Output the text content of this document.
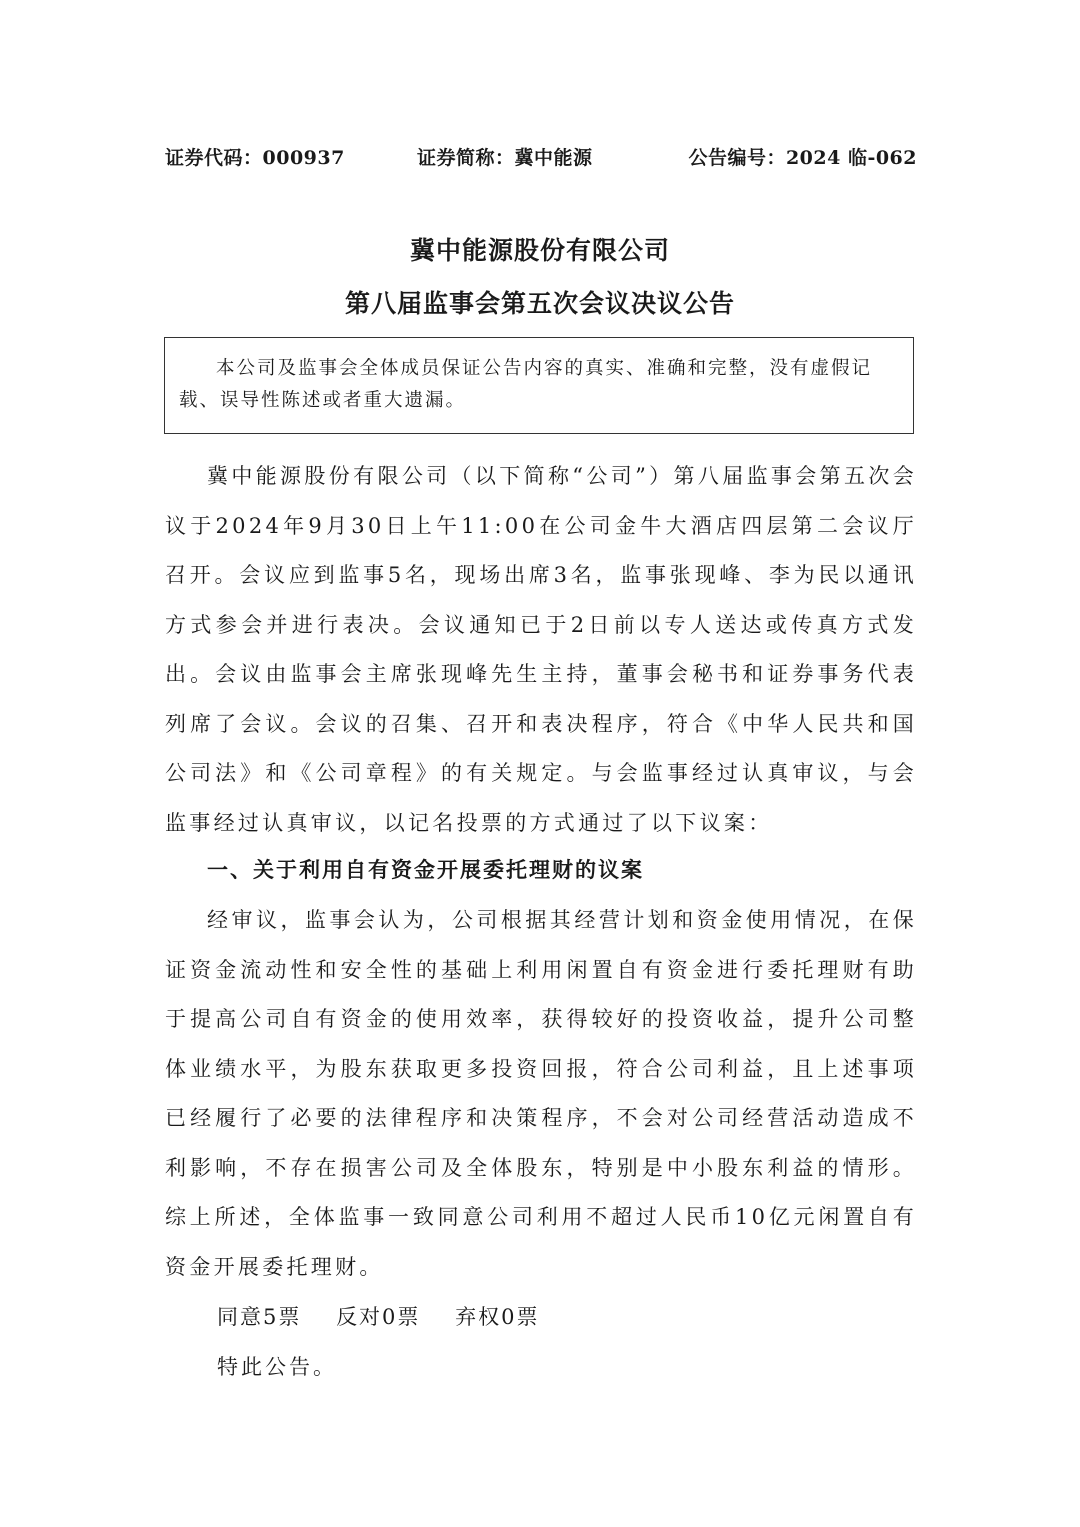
证券代码：000937	证券简称：冀中能源	公告编号：2024 临-062
冀中能源股份有限公司
第八届监事会第五次会议决议公告
本公司及监事会全体成员保证公告内容的真实、准确和完整，没有虚假记载、误导性陈述或者重大遗漏。

冀中能源股份有限公司（以下简称“公司”）第八届监事会第五次会议于2024年9月30日上午11:00在公司金牛大酒店四层第二会议厅召开。会议应到监事5名，现场出席3名，监事张现峰、李为民以通讯方式参会并进行表决。会议通知已于2日前以专人送达或传真方式发出。会议由监事会主席张现峰先生主持，董事会秘书和证券事务代表列席了会议。会议的召集、召开和表决程序，符合《中华人民共和国公司法》和《公司章程》的有关规定。与会监事经过认真审议，与会监事经过认真审议，以记名投票的方式通过了以下议案：

一、关于利用自有资金开展委托理财的议案

经审议，监事会认为，公司根据其经营计划和资金使用情况，在保证资金流动性和安全性的基础上利用闲置自有资金进行委托理财有助于提高公司自有资金的使用效率，获得较好的投资收益，提升公司整体业绩水平，为股东获取更多投资回报，符合公司利益，且上述事项已经履行了必要的法律程序和决策程序，不会对公司经营活动造成不利影响，不存在损害公司及全体股东，特别是中小股东利益的情形。综上所述，全体监事一致同意公司利用不超过人民币10亿元闲置自有资金开展委托理财。

同意5票 反对0票 弃权0票
特此公告。
